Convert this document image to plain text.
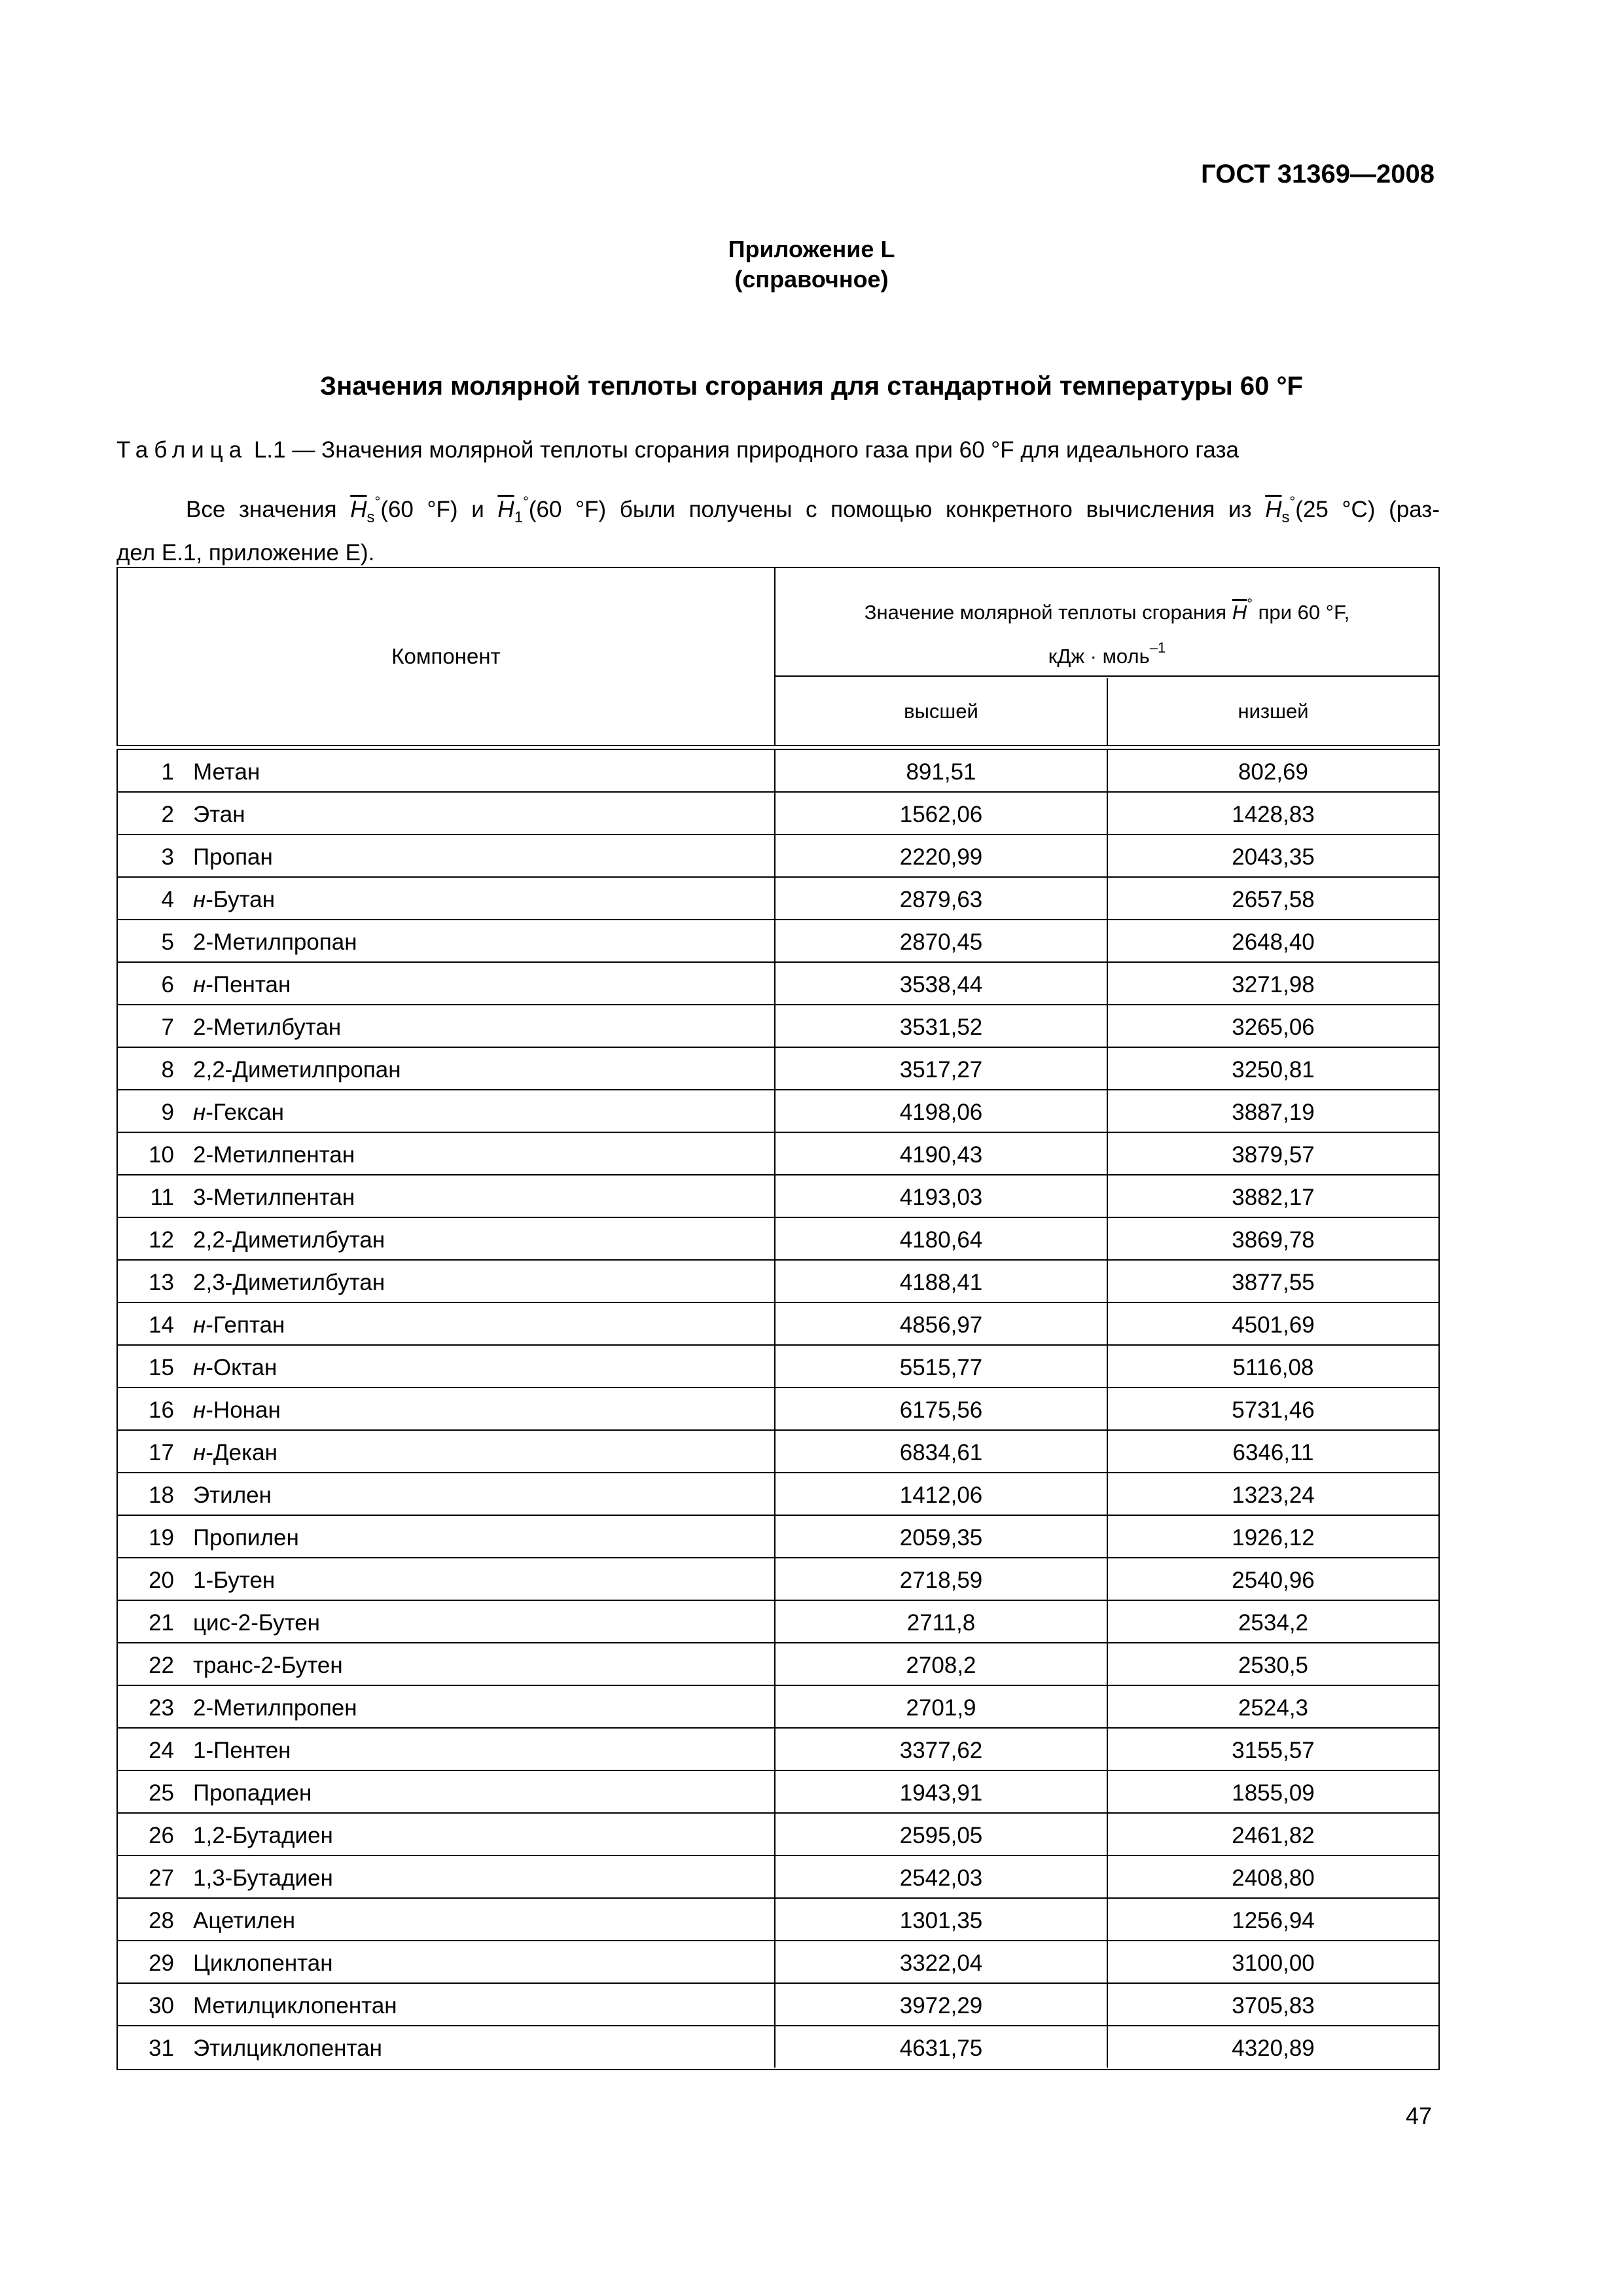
ГОСТ 31369—2008
Приложение L
(справочное)
Значения молярной теплоты сгорания для стандартной температуры 60 °F
Таблица L.1 — Значения молярной теплоты сгорания природного газа при 60 °F для идеального газа
Все значения $\overline{H}_s^\circ(60$ °F) и $\overline{H}_1^\circ(60$ °F) были получены с помощью конкретного вычисления из $\overline{H}_s^\circ(25$ °C) (раз-
дел Е.1, приложение Е).
Компонент
Значение молярной теплоты сгорания $\overline{H}^\circ$ при 60 °F,
кДж · моль$^{-1}$
высшей	низшей
1 Метан	891,51	802,69
2 Этан	1562,06	1428,83
3 Пропан	2220,99	2043,35
4 н-Бутан	2879,63	2657,58
5 2-Метилпропан	2870,45	2648,40
6 н-Пентан	3538,44	3271,98
7 2-Метилбутан	3531,52	3265,06
8 2,2-Диметилпропан	3517,27	3250,81
9 н-Гексан	4198,06	3887,19
10 2-Метилпентан	4190,43	3879,57
11 3-Метилпентан	4193,03	3882,17
12 2,2-Диметилбутан	4180,64	3869,78
13 2,3-Диметилбутан	4188,41	3877,55
14 н-Гептан	4856,97	4501,69
15 н-Октан	5515,77	5116,08
16 н-Нонан	6175,56	5731,46
17 н-Декан	6834,61	6346,11
18 Этилен	1412,06	1323,24
19 Пропилен	2059,35	1926,12
20 1-Бутен	2718,59	2540,96
21 цис-2-Бутен	2711,8	2534,2
22 транс-2-Бутен	2708,2	2530,5
23 2-Метилпропен	2701,9	2524,3
24 1-Пентен	3377,62	3155,57
25 Пропадиен	1943,91	1855,09
26 1,2-Бутадиен	2595,05	2461,82
27 1,3-Бутадиен	2542,03	2408,80
28 Ацетилен	1301,35	1256,94
29 Циклопентан	3322,04	3100,00
30 Метилциклопентан	3972,29	3705,83
31 Этилциклопентан	4631,75	4320,89
47
